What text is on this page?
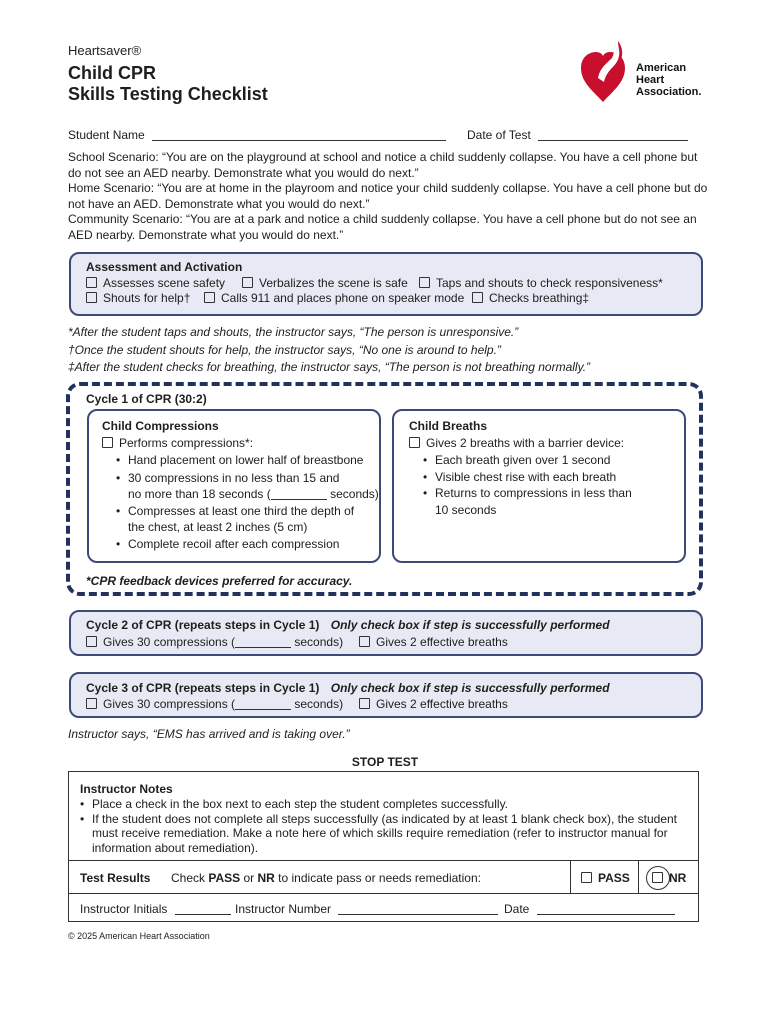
Heartsaver®
Child CPR
Skills Testing Checklist
American
Heart
Association.
Student Name	Date of Test
School Scenario: “You are on the playground at school and notice a child suddenly collapse. You have a cell phone but do not see an AED nearby. Demonstrate what you would do next.”
Home Scenario: “You are at home in the playroom and notice your child suddenly collapse. You have a cell phone but do not have an AED. Demonstrate what you would do next.”
Community Scenario: “You are at a park and notice a child suddenly collapse. You have a cell phone but do not see an AED nearby. Demonstrate what you would do next.”
Assessment and Activation
Assesses scene safety	Verbalizes the scene is safe	Taps and shouts to check responsiveness*
Shouts for help†	Calls 911 and places phone on speaker mode	Checks breathing‡
*After the student taps and shouts, the instructor says, “The person is unresponsive.”
†Once the student shouts for help, the instructor says, “No one is around to help.”
‡After the student checks for breathing, the instructor says, “The person is not breathing normally.”
Cycle 1 of CPR (30:2)
Child Compressions
Performs compressions*:
• Hand placement on lower half of breastbone
• 30 compressions in no less than 15 and
no more than 18 seconds (	seconds)
• Compresses at least one third the depth of
the chest, at least 2 inches (5 cm)
• Complete recoil after each compression
Child Breaths
Gives 2 breaths with a barrier device:
• Each breath given over 1 second
• Visible chest rise with each breath
• Returns to compressions in less than
10 seconds
*CPR feedback devices preferred for accuracy.
Cycle 2 of CPR (repeats steps in Cycle 1) Only check box if step is successfully performed
Gives 30 compressions (	seconds)	Gives 2 effective breaths
Cycle 3 of CPR (repeats steps in Cycle 1) Only check box if step is successfully performed
Gives 30 compressions (	seconds)	Gives 2 effective breaths
Instructor says, “EMS has arrived and is taking over.”
STOP TEST
Instructor Notes
• Place a check in the box next to each step the student completes successfully.
• If the student does not complete all steps successfully (as indicated by at least 1 blank check box), the student must receive remediation. Make a note here of which skills require remediation (refer to instructor manual for information about remediation).
Test Results Check PASS or NR to indicate pass or needs remediation:	PASS	NR
Instructor Initials	Instructor Number	Date
© 2025 American Heart Association
